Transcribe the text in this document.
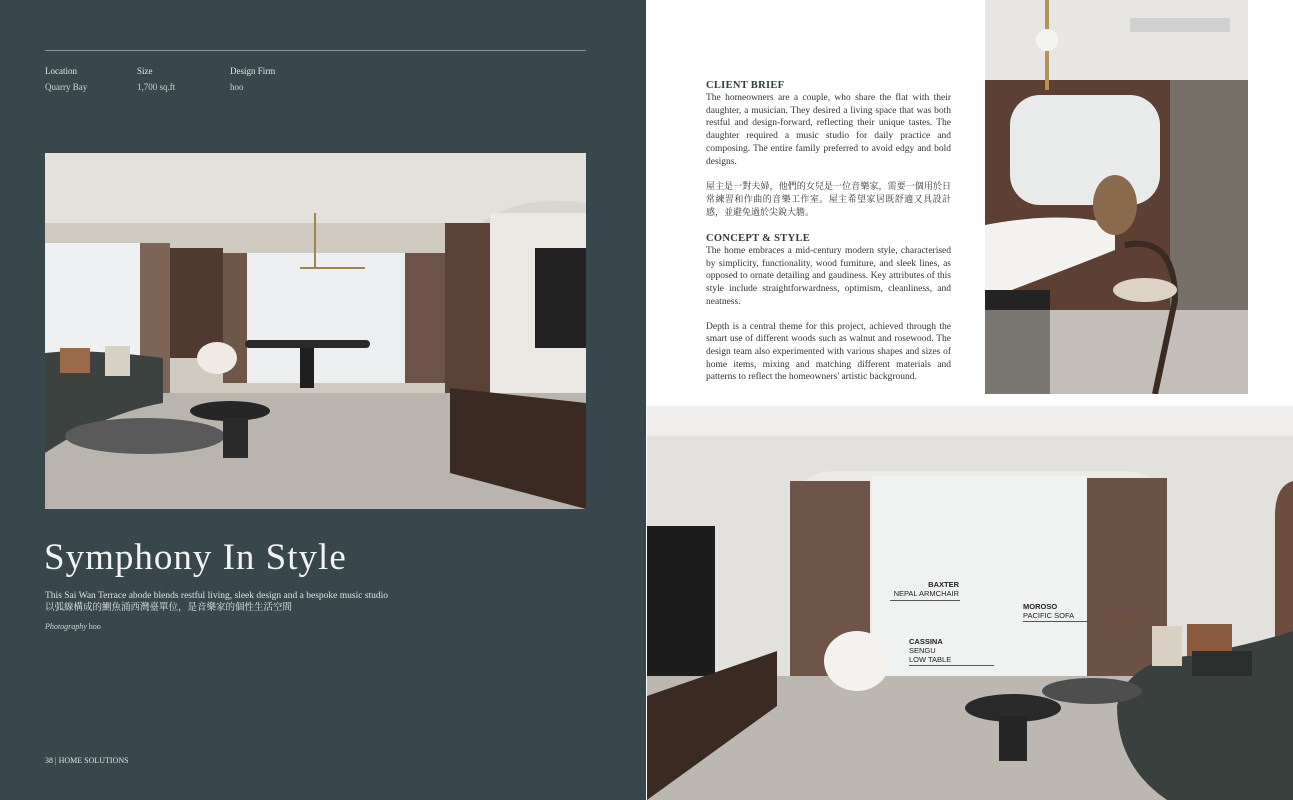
Location
Quarry Bay
Size
1,700 sq.ft
Design Firm
hoo
Symphony In Style
This Sai Wan Terrace abode blends restful living, sleek design and a bespoke music studio
以弧線構成的鰂魚涌西灣臺單位，是音樂家的個性生活空間
Photography hoo
38 | HOME SOLUTIONS

CLIENT BRIEF

The homeowners are a couple, who share the flat with their daughter, a musician. They desired a living space that was both restful and design-forward, reflecting their unique tastes. The daughter required a music studio for daily practice and composing. The entire family preferred to avoid edgy and bold designs.

屋主是一對夫婦，他們的女兒是一位音樂家，需要一個用於日常練習和作曲的音樂工作室。屋主希望家居既舒適又具設計感，並避免過於尖銳大膽。

CONCEPT & STYLE

The home embraces a mid-century modern style, characterised by simplicity, functionality, wood furniture, and sleek lines, as opposed to ornate detailing and gaudiness. Key attributes of this style include straightforwardness, optimism, cleanliness, and neatness.

Depth is a central theme for this project, achieved through the smart use of different woods such as walnut and rosewood. The design team also experimented with various shapes and sizes of home items, mixing and matching different materials and patterns to reflect the homeowners' artistic background.

BAXTER
NEPAL ARMCHAIR
MOROSO
PACIFIC SOFA
CASSINA
SENGU
LOW TABLE
